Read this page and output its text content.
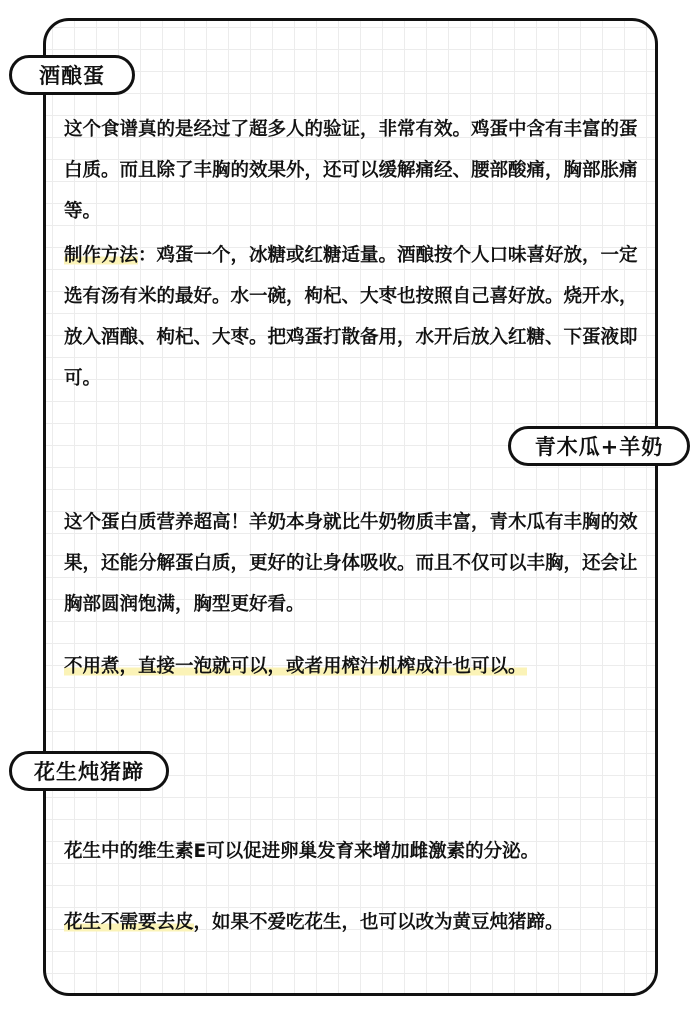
酒酿蛋

这个食谱真的是经过了超多人的验证，非常有效。鸡蛋中含有丰富的蛋白质。而且除了丰胸的效果外，还可以缓解痛经、腰部酸痛，胸部胀痛等。

制作方法：鸡蛋一个，冰糖或红糖适量。酒酿按个人口味喜好放，一定选有汤有米的最好。水一碗，枸杞、大枣也按照自己喜好放。烧开水，放入酒酿、枸杞、大枣。把鸡蛋打散备用，水开后放入红糖、下蛋液即可。

青木瓜+羊奶

这个蛋白质营养超高！羊奶本身就比牛奶物质丰富，青木瓜有丰胸的效果，还能分解蛋白质，更好的让身体吸收。而且不仅可以丰胸，还会让胸部圆润饱满，胸型更好看。

不用煮，直接一泡就可以，或者用榨汁机榨成汁也可以。

花生炖猪蹄

花生中的维生素E可以促进卵巢发育来增加雌激素的分泌。

花生不需要去皮，如果不爱吃花生，也可以改为黄豆炖猪蹄。
